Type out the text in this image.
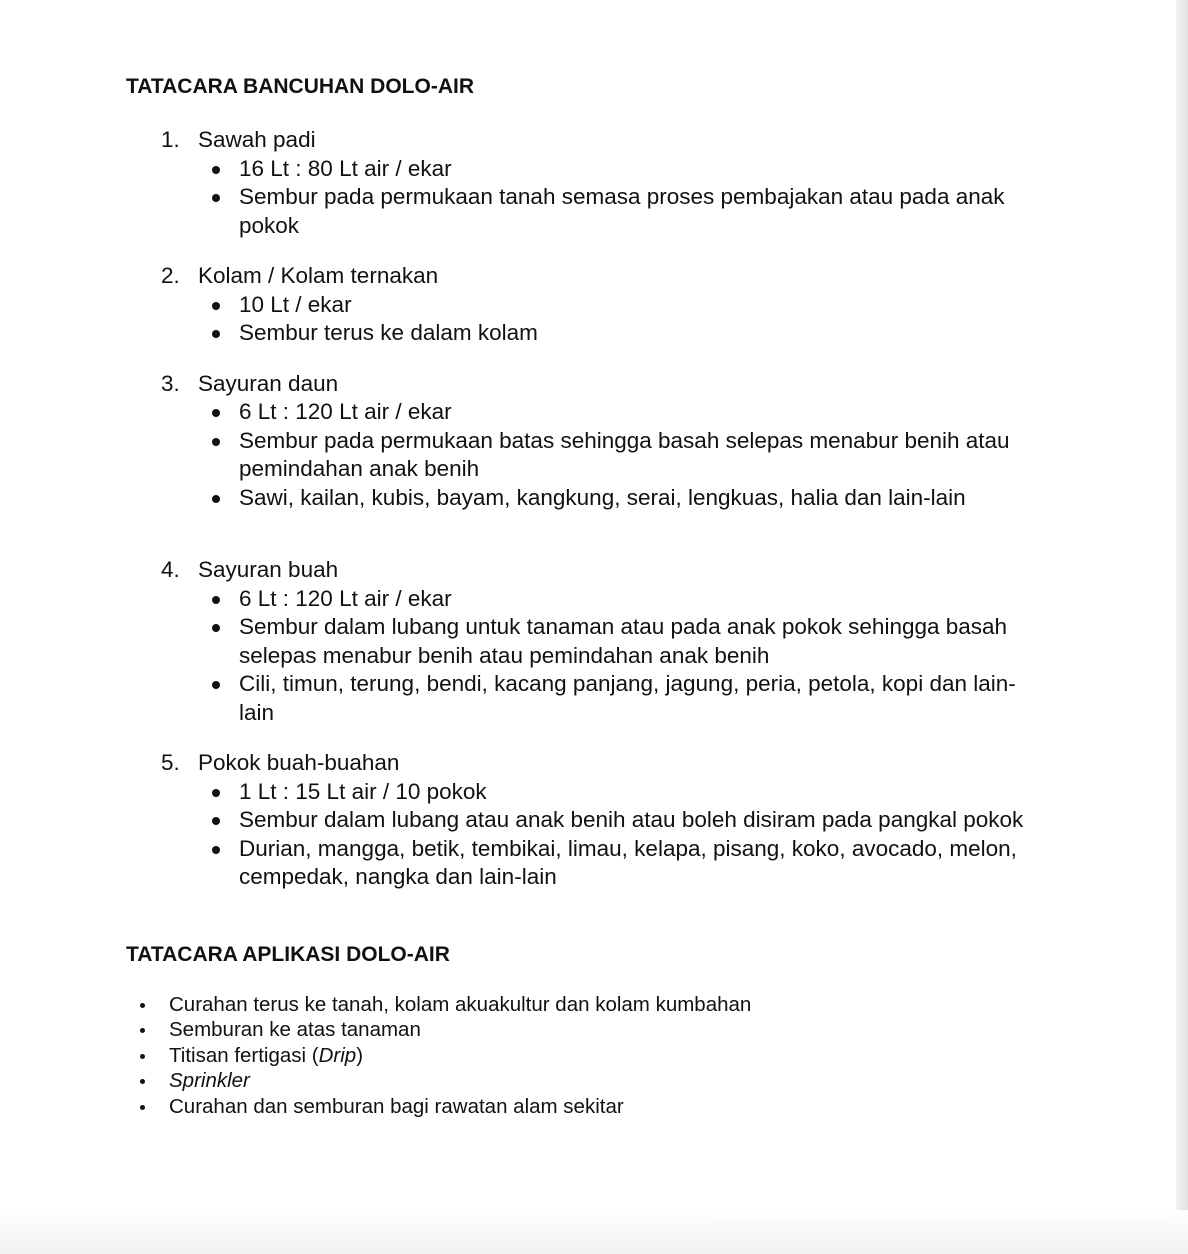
TATACARA BANCUHAN DOLO-AIR
1. Sawah padi
16 Lt : 80 Lt air / ekar
Sembur pada permukaan tanah semasa proses pembajakan atau pada anak pokok
2. Kolam / Kolam ternakan
10 Lt / ekar
Sembur terus ke dalam kolam
3. Sayuran daun
6 Lt : 120 Lt air / ekar
Sembur pada permukaan batas sehingga basah selepas menabur benih atau pemindahan anak benih
Sawi, kailan, kubis, bayam, kangkung, serai, lengkuas, halia dan lain-lain
4. Sayuran buah
6 Lt : 120 Lt air / ekar
Sembur dalam lubang untuk tanaman atau pada anak pokok sehingga basah selepas menabur benih atau pemindahan anak benih
Cili, timun, terung, bendi, kacang panjang, jagung, peria, petola, kopi dan lain-lain
5. Pokok buah-buahan
1 Lt : 15 Lt air / 10 pokok
Sembur dalam lubang atau anak benih atau boleh disiram pada pangkal pokok
Durian, mangga, betik, tembikai, limau, kelapa, pisang, koko, avocado, melon, cempedak, nangka dan lain-lain
TATACARA APLIKASI DOLO-AIR
Curahan terus ke tanah, kolam akuakultur dan kolam kumbahan
Semburan ke atas tanaman
Titisan fertigasi (Drip)
Sprinkler
Curahan dan semburan bagi rawatan alam sekitar
